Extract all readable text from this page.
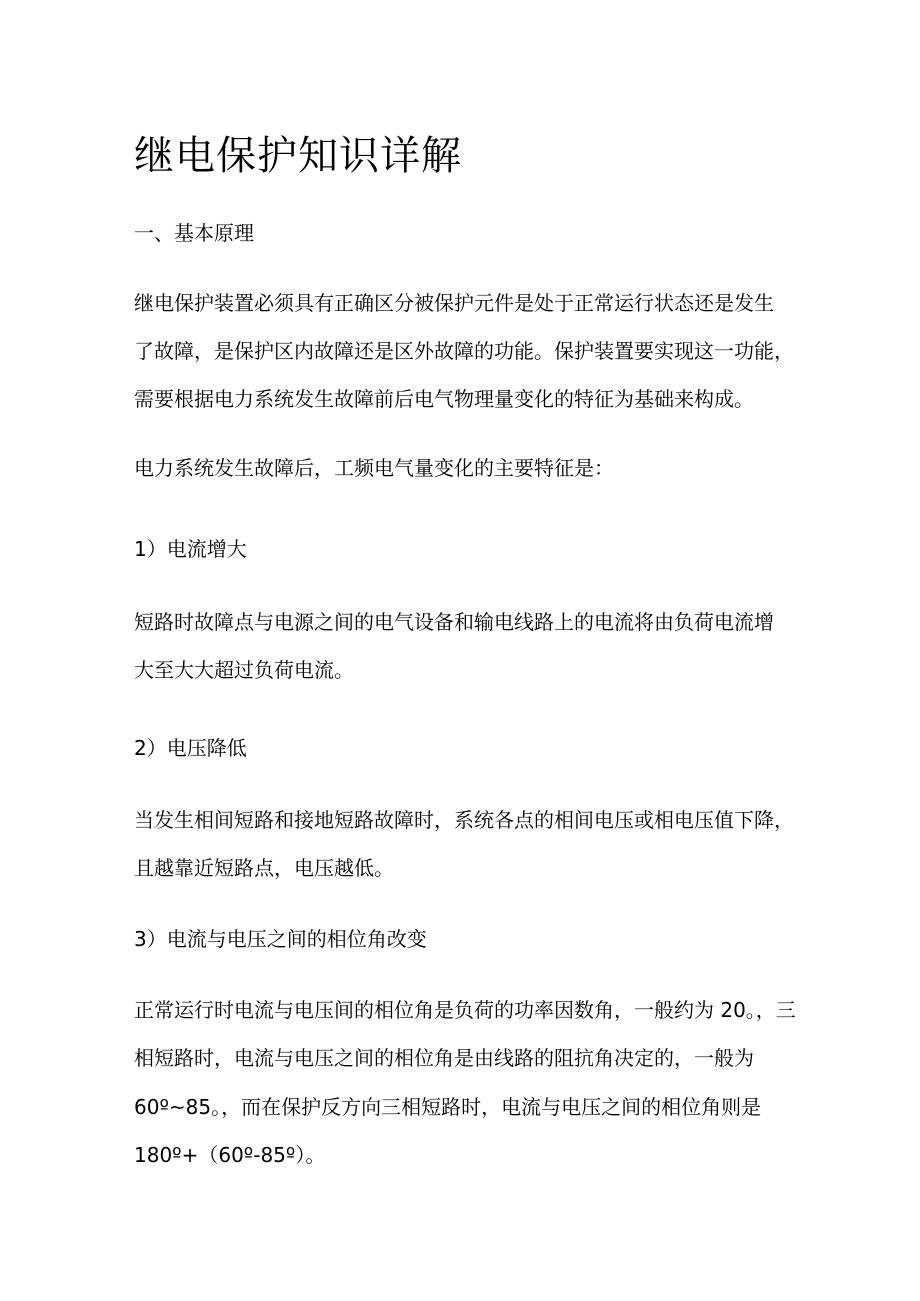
继电保护知识详解

一、基本原理

继电保护装置必须具有正确区分被保护元件是处于正常运行状态还是发生

了故障，是保护区内故障还是区外故障的功能。保护装置要实现这一功能，

需要根据电力系统发生故障前后电气物理量变化的特征为基础来构成。

电力系统发生故障后，工频电气量变化的主要特征是：

1）电流增大

短路时故障点与电源之间的电气设备和输电线路上的电流将由负荷电流增

大至大大超过负荷电流。

2）电压降低

当发生相间短路和接地短路故障时，系统各点的相间电压或相电压值下降，

且越靠近短路点，电压越低。

3）电流与电压之间的相位角改变

正常运行时电流与电压间的相位角是负荷的功率因数角，一般约为 20。，三

相短路时，电流与电压之间的相位角是由线路的阻抗角决定的，一般为

60º~85。，而在保护反方向三相短路时，电流与电压之间的相位角则是

180º+（60º-85º）。
